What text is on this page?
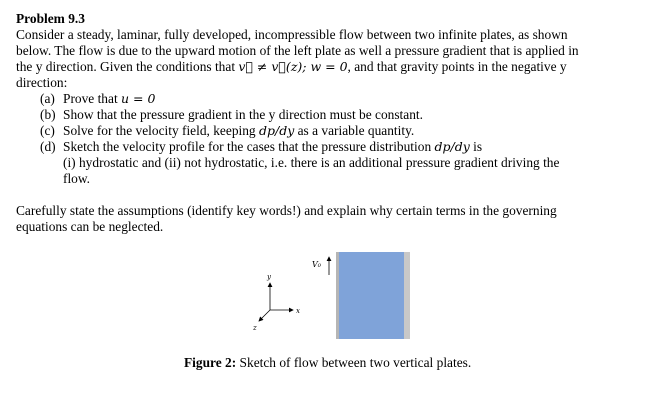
Problem 9.3

Consider a steady, laminar, fully developed, incompressible flow between two infinite plates, as shown

below. The flow is due to the upward motion of the left plate as well a pressure gradient that is applied in

the y direction. Given the conditions that v⃗ ≠ v⃗(z); w = 0, and that gravity points in the negative y

direction:

(a) Prove that u = 0
(b) Show that the pressure gradient in the y direction must be constant.
(c) Solve for the velocity field, keeping dp/dy as a variable quantity.
(d) Sketch the velocity profile for the cases that the pressure distribution dp/dy is
(i) hydrostatic and (ii) not hydrostatic, i.e. there is an additional pressure gradient driving the
flow.

Carefully state the assumptions (identify key words!) and explain why certain terms in the governing

equations can be neglected.

y
x
z
V₀
Figure 2: Sketch of flow between two vertical plates.
